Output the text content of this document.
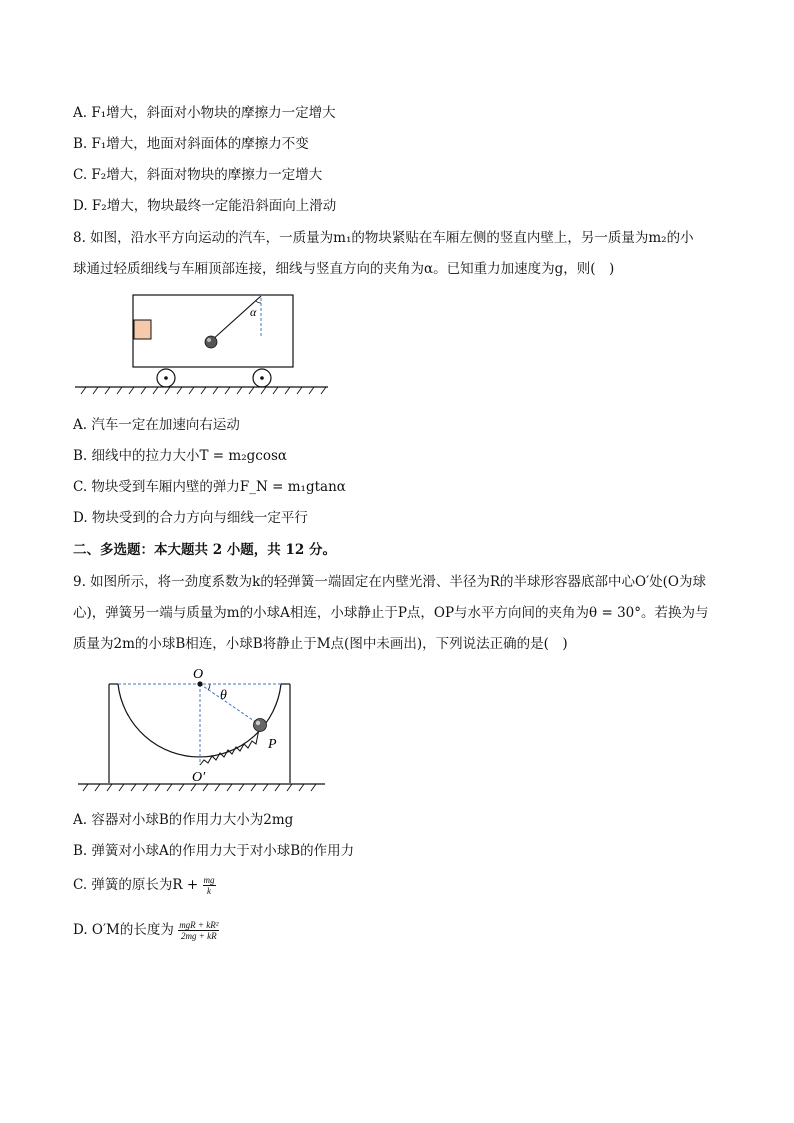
A. F₁增大，斜面对小物块的摩擦力一定增大
B. F₁增大，地面对斜面体的摩擦力不变
C. F₂增大，斜面对物块的摩擦力一定增大
D. F₂增大，物块最终一定能沿斜面向上滑动
8. 如图，沿水平方向运动的汽车，一质量为m₁的物块紧贴在车厢左侧的竖直内壁上，另一质量为m₂的小
球通过轻质细线与车厢顶部连接，细线与竖直方向的夹角为α。已知重力加速度为g，则(　)
α
A. 汽车一定在加速向右运动
B. 细线中的拉力大小T = m₂gcosα
C. 物块受到车厢内壁的弹力F_N = m₁gtanα
D. 物块受到的合力方向与细线一定平行
二、多选题：本大题共 2 小题，共 12 分。
9. 如图所示，将一劲度系数为k的轻弹簧一端固定在内壁光滑、半径为R的半球形容器底部中心O′处(O为球
心)，弹簧另一端与质量为m的小球A相连，小球静止于P点，OP与水平方向间的夹角为θ = 30°。若换为与
质量为2m的小球B相连，小球B将静止于M点(图中未画出)，下列说法正确的是(　)
O
θ
P
O′
A. 容器对小球B的作用力大小为2mg
B. 弹簧对小球A的作用力大于对小球B的作用力
C. 弹簧的原长为$R + \frac{mg}{k}$
D. O′M的长度为 $\frac{\text{mgR + kR²}}{2mg + kR}$
